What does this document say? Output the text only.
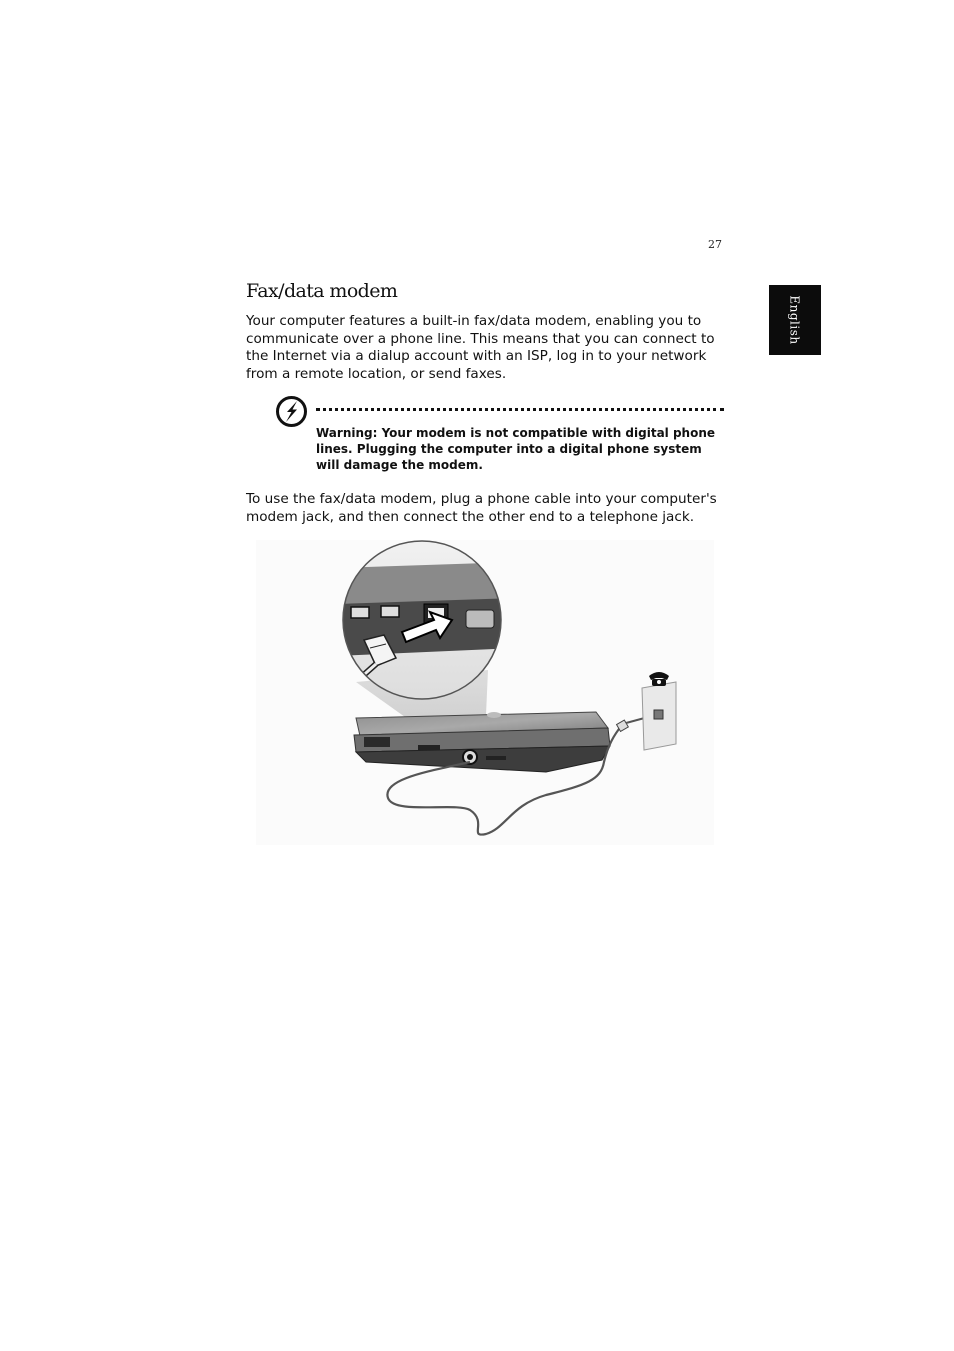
27
English
Fax/data modem

Your computer features a built-in fax/data modem, enabling you to communicate over a phone line. This means that you can connect to the Internet via a dialup account with an ISP, log in to your network from a remote location, or send faxes.

Warning: Your modem is not compatible with digital phone lines. Plugging the computer into a digital phone system will damage the modem.

To use the fax/data modem, plug a phone cable into your computer's modem jack, and then connect the other end to a telephone jack.
